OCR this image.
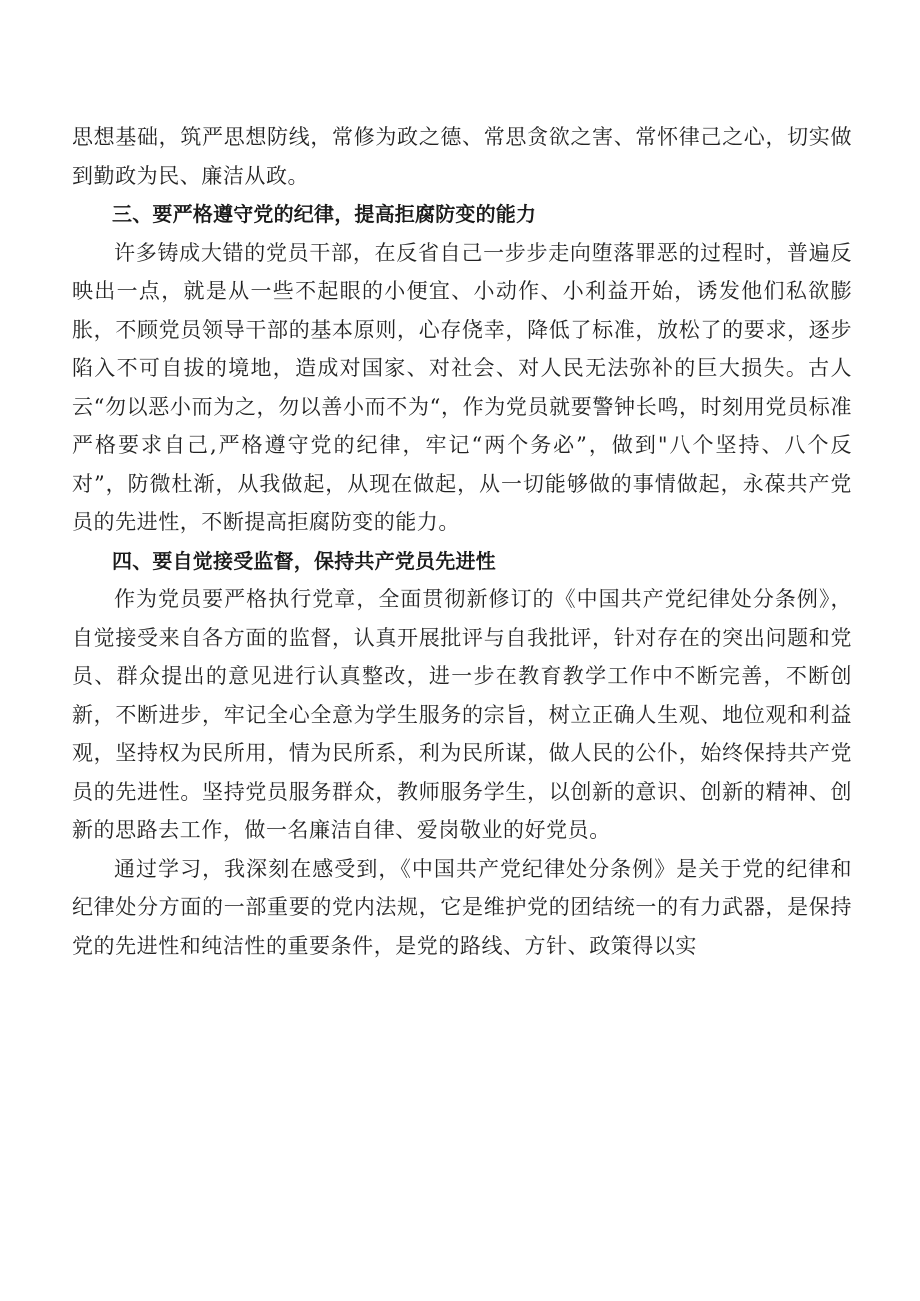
思想基础，筑严思想防线，常修为政之德、常思贪欲之害、常怀律己之心，切实做到勤政为民、廉洁从政。

三、要严格遵守党的纪律，提高拒腐防变的能力

许多铸成大错的党员干部，在反省自己一步步走向堕落罪恶的过程时，普遍反映出一点，就是从一些不起眼的小便宜、小动作、小利益开始，诱发他们私欲膨胀，不顾党员领导干部的基本原则，心存侥幸，降低了标准，放松了的要求，逐步陷入不可自拔的境地，造成对国家、对社会、对人民无法弥补的巨大损失。古人云“勿以恶小而为之，勿以善小而不为“，作为党员就要警钟长鸣，时刻用党员标准严格要求自己,严格遵守党的纪律，牢记“两个务必”，做到"八个坚持、八个反对”，防微杜渐，从我做起，从现在做起，从一切能够做的事情做起，永葆共产党员的先进性，不断提高拒腐防变的能力。

四、要自觉接受监督，保持共产党员先进性

作为党员要严格执行党章，全面贯彻新修订的《中国共产党纪律处分条例》，自觉接受来自各方面的监督，认真开展批评与自我批评，针对存在的突出问题和党员、群众提出的意见进行认真整改，进一步在教育教学工作中不断完善，不断创新，不断进步，牢记全心全意为学生服务的宗旨，树立正确人生观、地位观和利益观，坚持权为民所用，情为民所系，利为民所谋，做人民的公仆，始终保持共产党员的先进性。坚持党员服务群众，教师服务学生，以创新的意识、创新的精神、创新的思路去工作，做一名廉洁自律、爱岗敬业的好党员。

通过学习，我深刻在感受到，《中国共产党纪律处分条例》是关于党的纪律和纪律处分方面的一部重要的党内法规，它是维护党的团结统一的有力武器，是保持党的先进性和纯洁性的重要条件，是党的路线、方针、政策得以实
